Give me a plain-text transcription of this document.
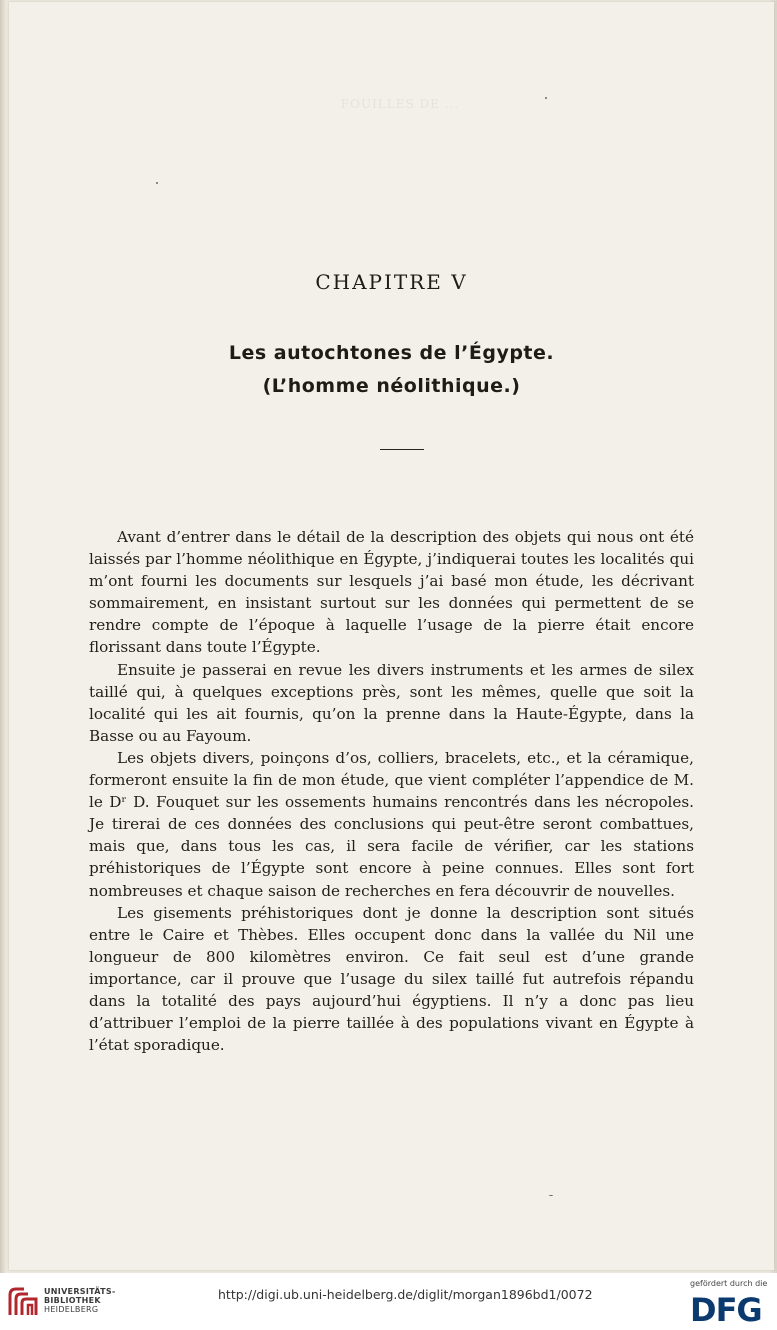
FOUILLES DE ...
CHAPITRE V
Les autochtones de l’Égypte.
(L’homme néolithique.)

Avant d’entrer dans le détail de la description des objets qui nous ont été laissés par l’homme néolithique en Égypte, j’indiquerai toutes les localités qui m’ont fourni les documents sur lesquels j’ai basé mon étude, les décrivant sommairement, en insistant surtout sur les données qui permettent de se rendre compte de l’époque à laquelle l’usage de la pierre était encore florissant dans toute l’Égypte.

Ensuite je passerai en revue les divers instruments et les armes de silex taillé qui, à quelques exceptions près, sont les mêmes, quelle que soit la localité qui les ait fournis, qu’on la prenne dans la Haute-Égypte, dans la Basse ou au Fayoum.

Les objets divers, poinçons d’os, colliers, bracelets, etc., et la céramique, formeront ensuite la fin de mon étude, que vient compléter l’appendice de M. le Dʳ D. Fouquet sur les ossements humains rencontrés dans les nécropoles. Je tirerai de ces données des conclusions qui peut-être seront combattues, mais que, dans tous les cas, il sera facile de vérifier, car les stations préhistoriques de l’Égypte sont encore à peine connues. Elles sont fort nombreuses et chaque saison de recherches en fera découvrir de nouvelles.

Les gisements préhistoriques dont je donne la description sont situés entre le Caire et Thèbes. Elles occupent donc dans la vallée du Nil une longueur de 800 kilomètres environ. Ce fait seul est d’une grande importance, car il prouve que l’usage du silex taillé fut autrefois répandu dans la totalité des pays aujourd’hui égyptiens. Il n’y a donc pas lieu d’attribuer l’emploi de la pierre taillée à des populations vivant en Égypte à l’état sporadique.

UNIVERSITÄTS-
BIBLIOTHEK
HEIDELBERG
http://digi.ub.uni-heidelberg.de/diglit/morgan1896bd1/0072
gefördert durch die
DFG
